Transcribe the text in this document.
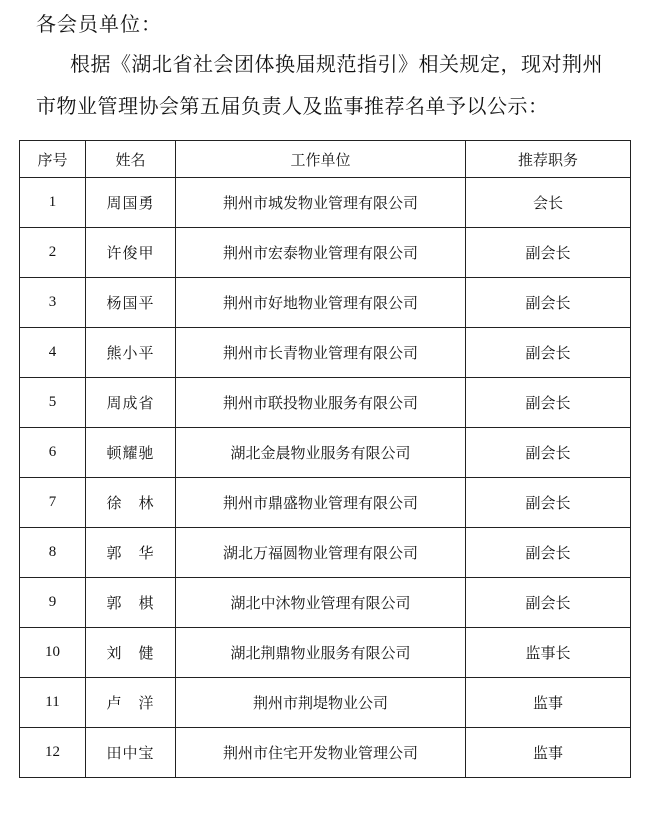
各会员单位：
根据《湖北省社会团体换届规范指引》相关规定，现对荆州
市物业管理协会第五届负责人及监事推荐名单予以公示：
序号	姓名	工作单位	推荐职务
1	周国勇	荆州市城发物业管理有限公司	会长
2	许俊甲	荆州市宏泰物业管理有限公司	副会长
3	杨国平	荆州市好地物业管理有限公司	副会长
4	熊小平	荆州市长青物业管理有限公司	副会长
5	周成省	荆州市联投物业服务有限公司	副会长
6	顿耀驰	湖北金晨物业服务有限公司	副会长
7	徐　林	荆州市鼎盛物业管理有限公司	副会长
8	郭　华	湖北万福圆物业管理有限公司	副会长
9	郭　棋	湖北中沐物业管理有限公司	副会长
10	刘　健	湖北荆鼎物业服务有限公司	监事长
11	卢　洋	荆州市荆堤物业公司	监事
12	田中宝	荆州市住宅开发物业管理公司	监事
